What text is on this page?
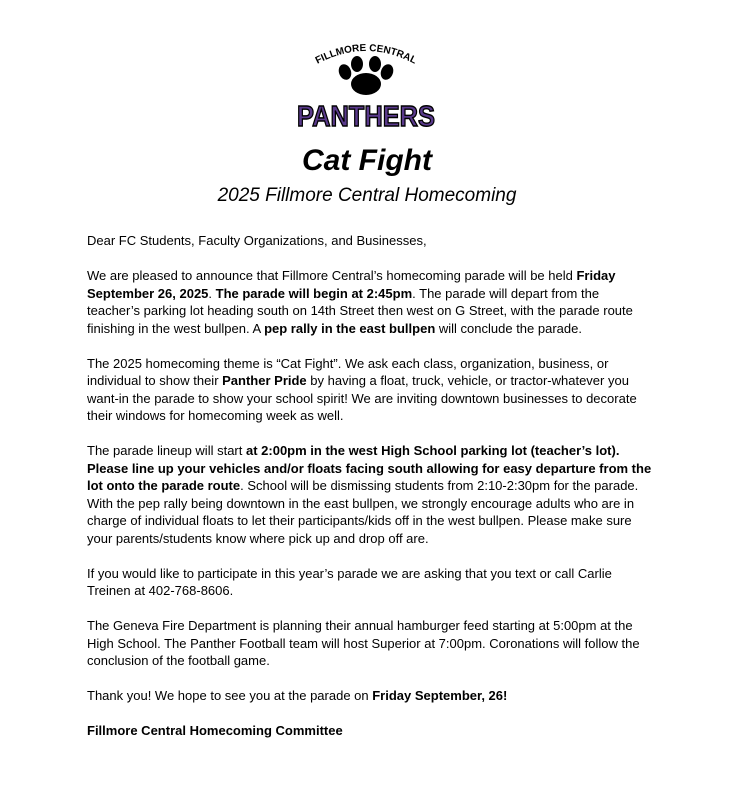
FILLMORE CENTRAL
PANTHERS
Cat Fight
2025 Fillmore Central Homecoming

Dear FC Students, Faculty Organizations, and Businesses,

We are pleased to announce that Fillmore Central’s homecoming parade will be held Friday September 26, 2025. The parade will begin at 2:45pm. The parade will depart from the teacher’s parking lot heading south on 14th Street then west on G Street, with the parade route finishing in the west bullpen. A pep rally in the east bullpen will conclude the parade.

The 2025 homecoming theme is “Cat Fight”. We ask each class, organization, business, or individual to show their Panther Pride by having a float, truck, vehicle, or tractor-whatever you want-in the parade to show your school spirit! We are inviting downtown businesses to decorate their windows for homecoming week as well.

The parade lineup will start at 2:00pm in the west High School parking lot (teacher’s lot). Please line up your vehicles and/or floats facing south allowing for easy departure from the lot onto the parade route. School will be dismissing students from 2:10-2:30pm for the parade. With the pep rally being downtown in the east bullpen, we strongly encourage adults who are in charge of individual floats to let their participants/kids off in the west bullpen. Please make sure your parents/students know where pick up and drop off are.

If you would like to participate in this year’s parade we are asking that you text or call Carlie Treinen at 402-768-8606.

The Geneva Fire Department is planning their annual hamburger feed starting at 5:00pm at the High School. The Panther Football team will host Superior at 7:00pm. Coronations will follow the conclusion of the football game.

Thank you! We hope to see you at the parade on Friday September, 26!

Fillmore Central Homecoming Committee
